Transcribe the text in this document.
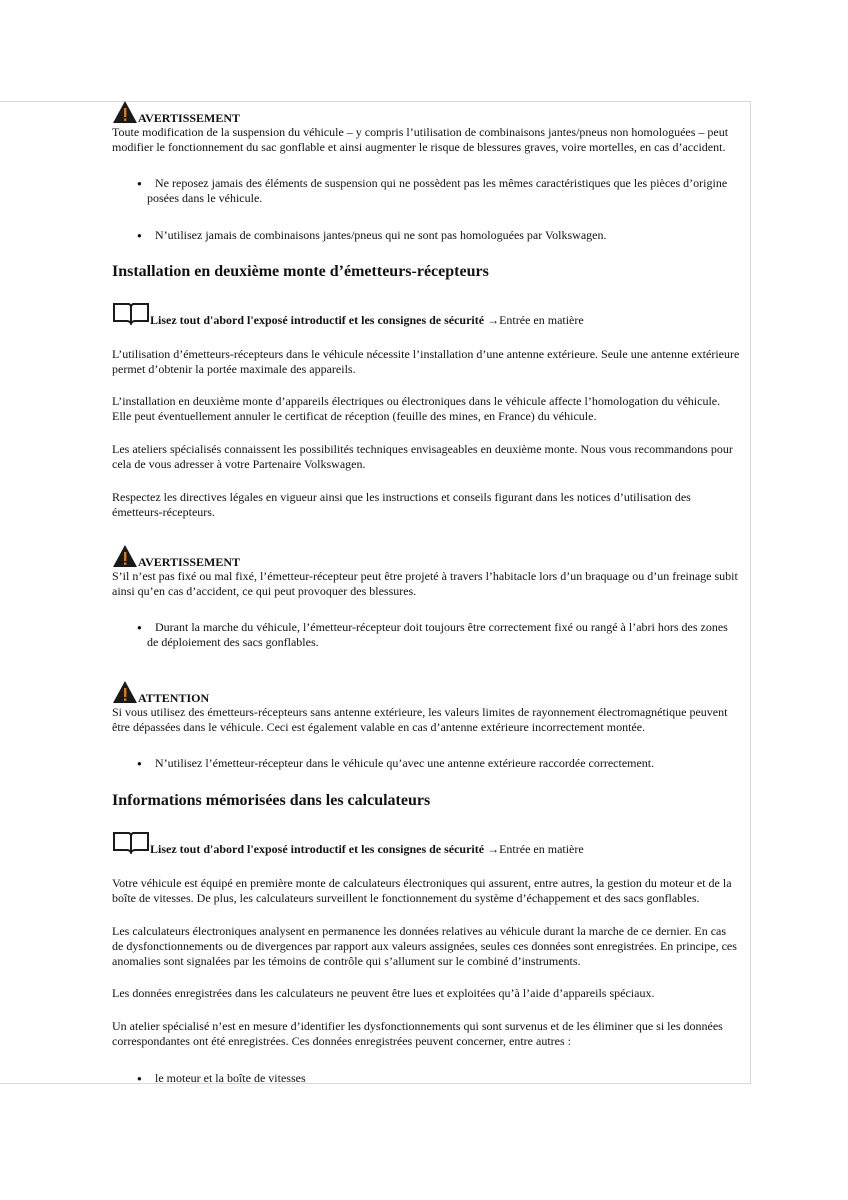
AVERTISSEMENT

Toute modification de la suspension du véhicule – y compris l’utilisation de combinaisons jantes/pneus non homologuées – peut modifier le fonctionnement du sac gonflable et ainsi augmenter le risque de blessures graves, voire mortelles, en cas d’accident.

● Ne reposez jamais des éléments de suspension qui ne possèdent pas les mêmes caractéristiques que les pièces d’origine
posées dans le véhicule.
● N’utilisez jamais de combinaisons jantes/pneus qui ne sont pas homologuées par Volkswagen.
Installation en deuxième monte d’émetteurs-récepteurs
Lisez tout d'abord l'exposé introductif et les consignes de sécurité →Entrée en matière

L’utilisation d’émetteurs-récepteurs dans le véhicule nécessite l’installation d’une antenne extérieure. Seule une antenne extérieure permet d’obtenir la portée maximale des appareils.

L’installation en deuxième monte d’appareils électriques ou électroniques dans le véhicule affecte l’homologation du véhicule. Elle peut éventuellement annuler le certificat de réception (feuille des mines, en France) du véhicule.

Les ateliers spécialisés connaissent les possibilités techniques envisageables en deuxième monte. Nous vous recommandons pour cela de vous adresser à votre Partenaire Volkswagen.

Respectez les directives légales en vigueur ainsi que les instructions et conseils figurant dans les notices d’utilisation des émetteurs-récepteurs.

AVERTISSEMENT

S’il n’est pas fixé ou mal fixé, l’émetteur-récepteur peut être projeté à travers l’habitacle lors d’un braquage ou d’un freinage subit ainsi qu’en cas d’accident, ce qui peut provoquer des blessures.

● Durant la marche du véhicule, l’émetteur-récepteur doit toujours être correctement fixé ou rangé à l’abri hors des zones
de déploiement des sacs gonflables.
ATTENTION

Si vous utilisez des émetteurs-récepteurs sans antenne extérieure, les valeurs limites de rayonnement électromagnétique peuvent être dépassées dans le véhicule. Ceci est également valable en cas d’antenne extérieure incorrectement montée.

● N’utilisez l’émetteur-récepteur dans le véhicule qu’avec une antenne extérieure raccordée correctement.
Informations mémorisées dans les calculateurs
Lisez tout d'abord l'exposé introductif et les consignes de sécurité →Entrée en matière

Votre véhicule est équipé en première monte de calculateurs électroniques qui assurent, entre autres, la gestion du moteur et de la boîte de vitesses. De plus, les calculateurs surveillent le fonctionnement du système d’échappement et des sacs gonflables.

Les calculateurs électroniques analysent en permanence les données relatives au véhicule durant la marche de ce dernier. En cas de dysfonctionnements ou de divergences par rapport aux valeurs assignées, seules ces données sont enregistrées. En principe, ces anomalies sont signalées par les témoins de contrôle qui s’allument sur le combiné d’instruments.

Les données enregistrées dans les calculateurs ne peuvent être lues et exploitées qu’à l’aide d’appareils spéciaux.

Un atelier spécialisé n’est en mesure d’identifier les dysfonctionnements qui sont survenus et de les éliminer que si les données correspondantes ont été enregistrées. Ces données enregistrées peuvent concerner, entre autres :

● le moteur et la boîte de vitesses
